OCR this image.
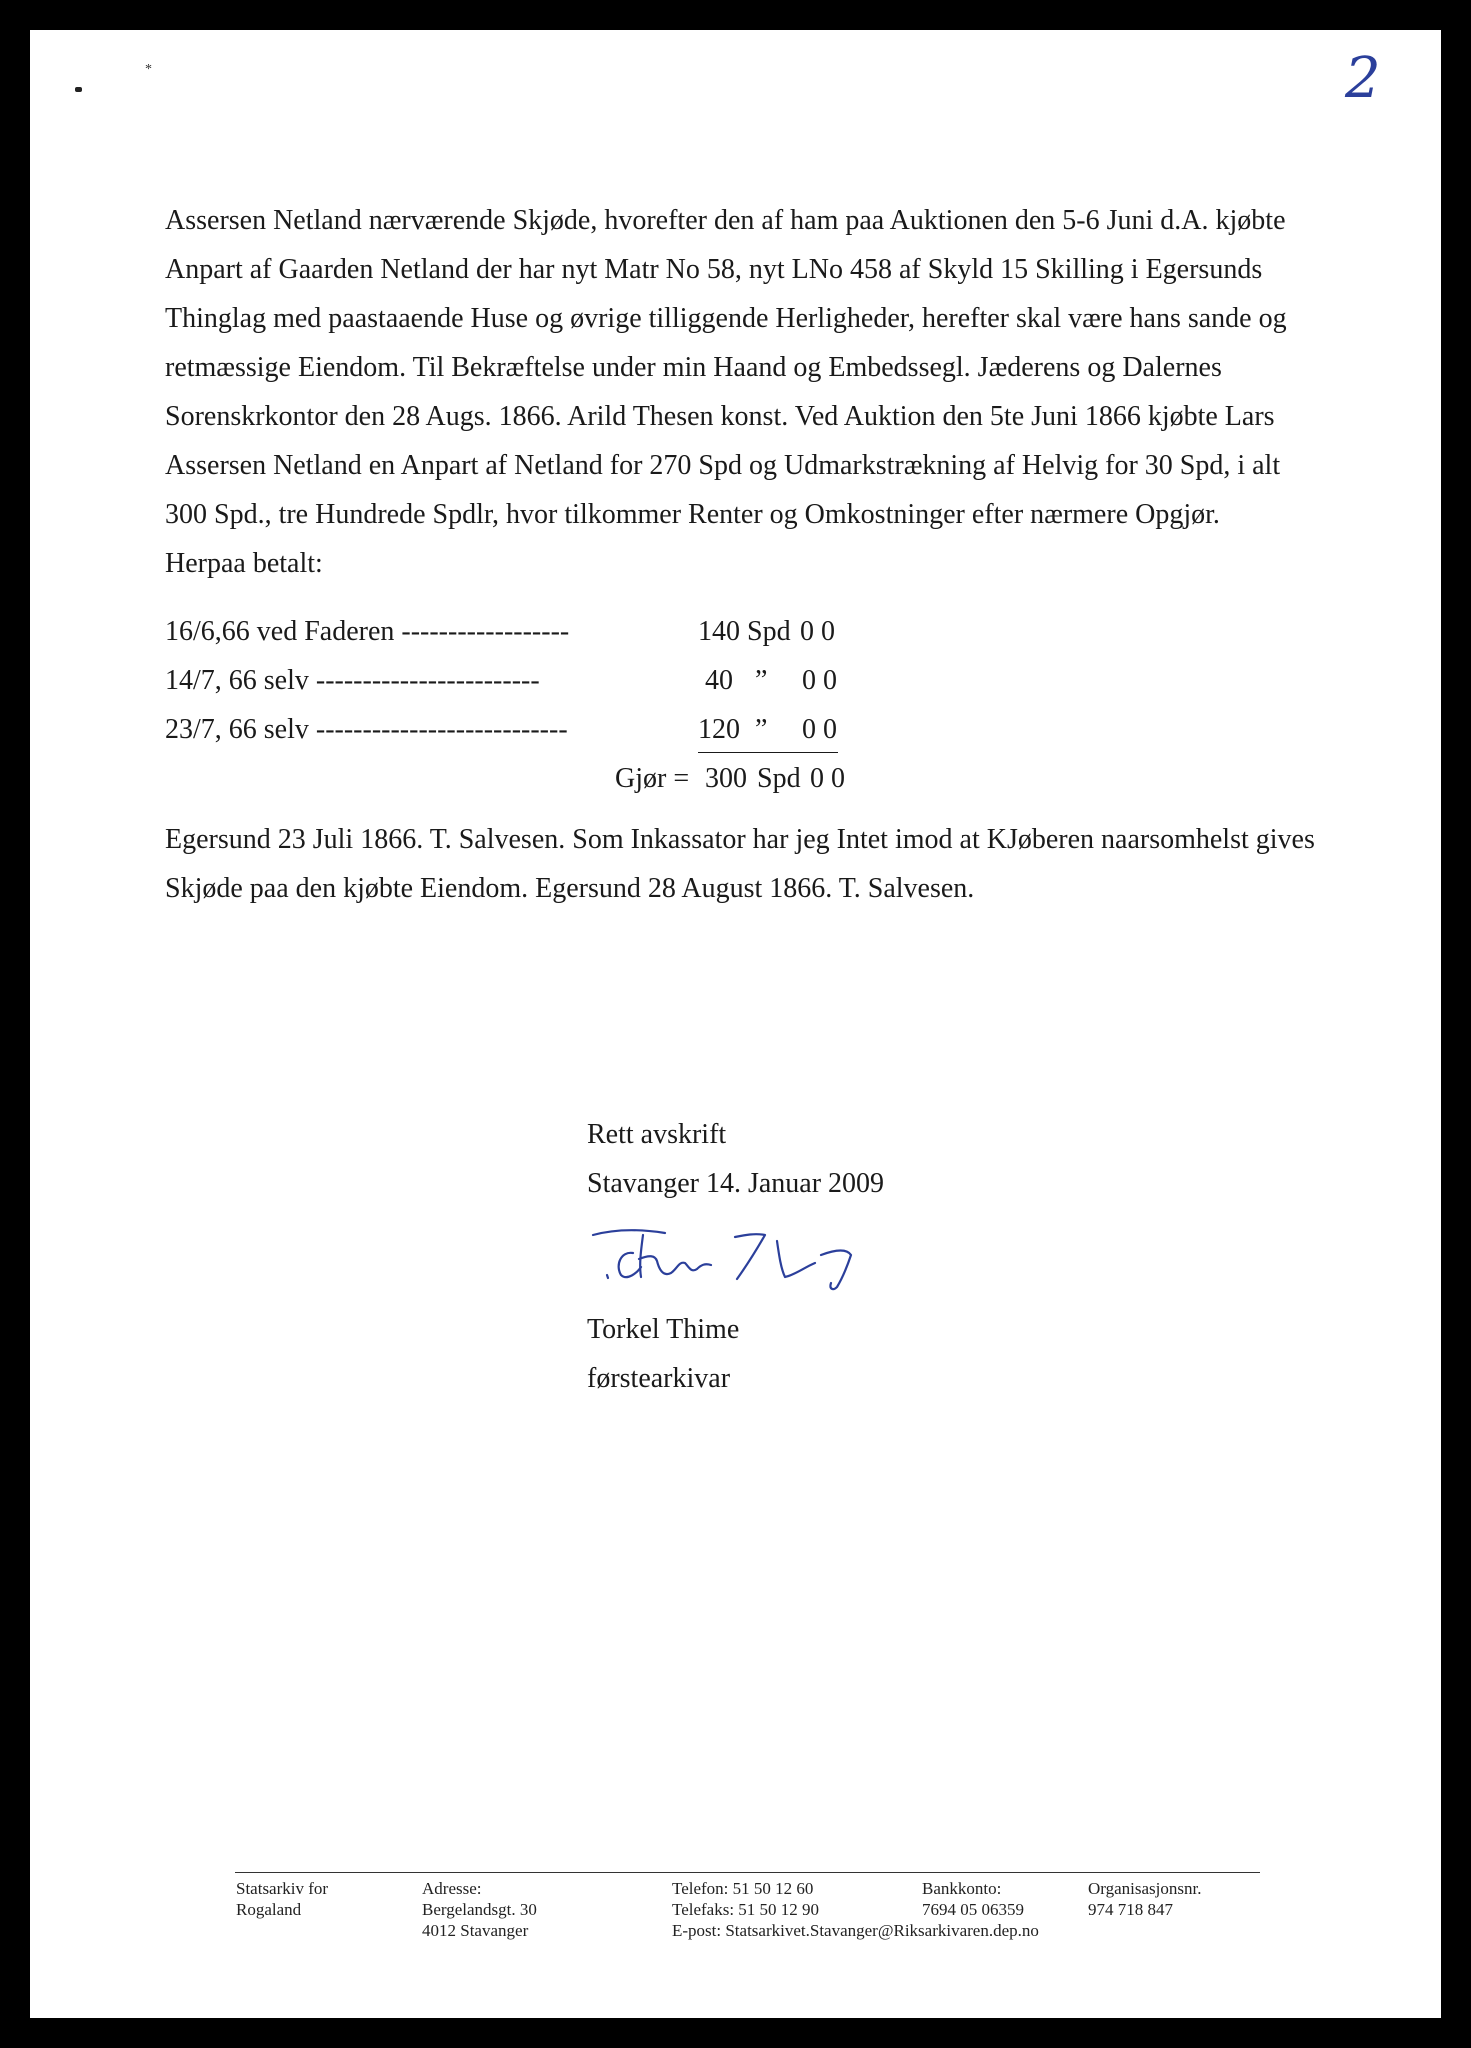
*	2

Assersen Netland nærværende Skjøde, hvorefter den af ham paa Auktionen den 5-6 Juni d.A. kjøbte Anpart af Gaarden Netland der har nyt Matr No 58, nyt LNo 458 af Skyld 15 Skilling i Egersunds Thinglag med paastaaende Huse og øvrige tilliggende Herligheder, herefter skal være hans sande og retmæssige Eiendom. Til Bekræftelse under min Haand og Embedssegl. Jæderens og Dalernes Sorenskrkontor den 28 Augs. 1866. Arild Thesen konst. Ved Auktion den 5te Juni 1866 kjøbte Lars Assersen Netland en Anpart af Netland for 270 Spd og Udmarkstrækning af Helvig for 30 Spd, i alt 300 Spd., tre Hundrede Spdlr, hvor tilkommer Renter og Omkostninger efter nærmere Opgjør. Herpaa betalt:

16/6,66 ved Faderen ------------------	140 Spd 0 0
14/7, 66 selv ------------------------	40 ” 0 0
23/7, 66 selv ---------------------------	120 ” 0 0
Gjør = 300 Spd 0 0
Egersund 23 Juli 1866. T. Salvesen. Som Inkassator har jeg Intet imod at KJøberen naarsomhelst gives Skjøde paa den kjøbte Eiendom. Egersund 28 August 1866. T. Salvesen.
Rett avskrift
Stavanger 14. Januar 2009
Torkel Thime
førstearkivar
Statsarkiv for
Rogaland
Adresse:
Bergelandsgt. 30
4012 Stavanger
Telefon: 51 50 12 60
Telefaks: 51 50 12 90
E-post: Statsarkivet.Stavanger@Riksarkivaren.dep.no
Bankkonto:
7694 05 06359
Organisasjonsnr.
974 718 847
